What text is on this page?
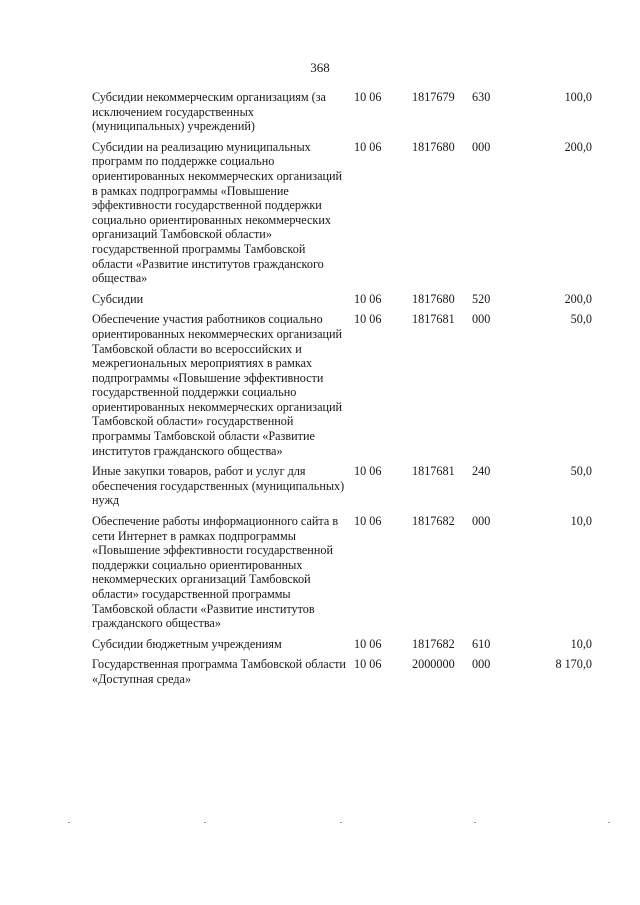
368
Субсидии некоммерческим организациям (за исключением государственных (муниципальных) учреждений)	10 06	1817679	630	100,0
Субсидии на реализацию муниципальных программ по поддержке социально ориентированных некоммерческих организаций в рамках подпрограммы «Повышение эффективности государственной поддержки социально ориентированных некоммерческих организаций Тамбовской области» государственной программы Тамбовской области «Развитие институтов гражданского общества»	10 06	1817680	000	200,0
Субсидии	10 06	1817680	520	200,0
Обеспечение участия работников социально ориентированных некоммерческих организаций Тамбовской области во всероссийских и межрегиональных мероприятиях в рамках подпрограммы «Повышение эффективности государственной поддержки социально ориентированных некоммерческих организаций Тамбовской области» государственной программы Тамбовской области «Развитие институтов гражданского общества»	10 06	1817681	000	50,0
Иные закупки товаров, работ и услуг для обеспечения государственных (муниципальных) нужд	10 06	1817681	240	50,0
Обеспечение работы информационного сайта в сети Интернет в рамках подпрограммы «Повышение эффективности государственной поддержки социально ориентированных некоммерческих организаций Тамбовской области» государственной программы Тамбовской области «Развитие институтов гражданского общества»	10 06	1817682	000	10,0
Субсидии бюджетным учреждениям	10 06	1817682	610	10,0
Государственная программа Тамбовской области «Доступная среда»	10 06	2000000	000	8 170,0
